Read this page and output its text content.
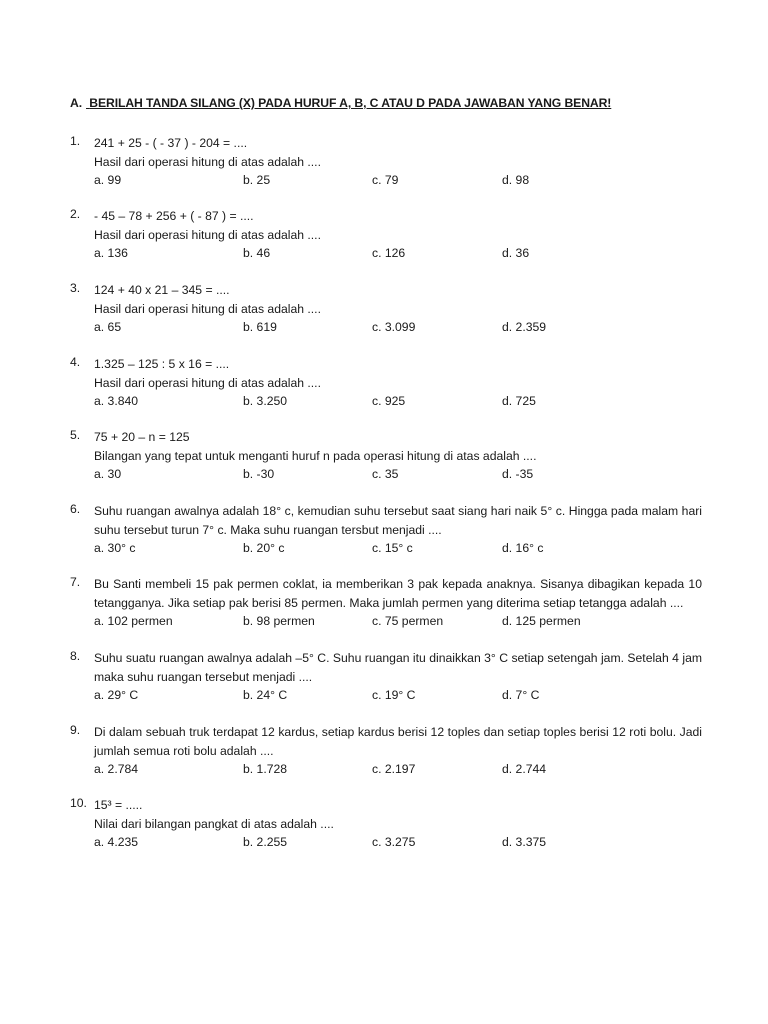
A. BERILAH TANDA SILANG (X) PADA HURUF A, B, C ATAU D PADA JAWABAN YANG BENAR!
1.	241 + 25 - ( - 37 ) - 204 = ....
Hasil dari operasi hitung di atas adalah ....
a. 99	b. 25	c. 79	d. 98
2.	- 45 – 78 + 256 + ( - 87 ) = ....
Hasil dari operasi hitung di atas adalah ....
a. 136	b. 46	c. 126	d. 36
3.	124 + 40 x 21 – 345 = ....
Hasil dari operasi hitung di atas adalah ....
a. 65	b. 619	c. 3.099	d. 2.359
4.	1.325 – 125 : 5 x 16 = ....
Hasil dari operasi hitung di atas adalah ....
a. 3.840	b. 3.250	c. 925	d. 725
5.	75 + 20 – n = 125
Bilangan yang tepat untuk menganti huruf n pada operasi hitung di atas adalah ....
a. 30	b. -30	c. 35	d. -35
6.	Suhu ruangan awalnya adalah 18° c, kemudian suhu tersebut saat siang hari naik 5° c. Hingga pada malam hari
suhu tersebut turun 7° c. Maka suhu ruangan tersbut menjadi ....
a. 30° c	b. 20° c	c. 15° c	d. 16° c
7.	Bu Santi membeli 15 pak permen coklat, ia memberikan 3 pak kepada anaknya. Sisanya dibagikan kepada 10
tetangganya. Jika setiap pak berisi 85 permen. Maka jumlah permen yang diterima setiap tetangga adalah ....
a. 102 permen	b. 98 permen	c. 75 permen	d. 125 permen
8.	Suhu suatu ruangan awalnya adalah –5° C. Suhu ruangan itu dinaikkan 3° C setiap setengah jam. Setelah 4 jam
maka suhu ruangan tersebut menjadi ....
a. 29° C	b. 24° C	c. 19° C	d. 7° C
9.	Di dalam sebuah truk terdapat 12 kardus, setiap kardus berisi 12 toples dan setiap toples berisi 12 roti bolu. Jadi
jumlah semua roti bolu adalah ....
a. 2.784	b. 1.728	c. 2.197	d. 2.744
10. 15³ = .....
Nilai dari bilangan pangkat di atas adalah ....
a. 4.235	b. 2.255	c. 3.275	d. 3.375
